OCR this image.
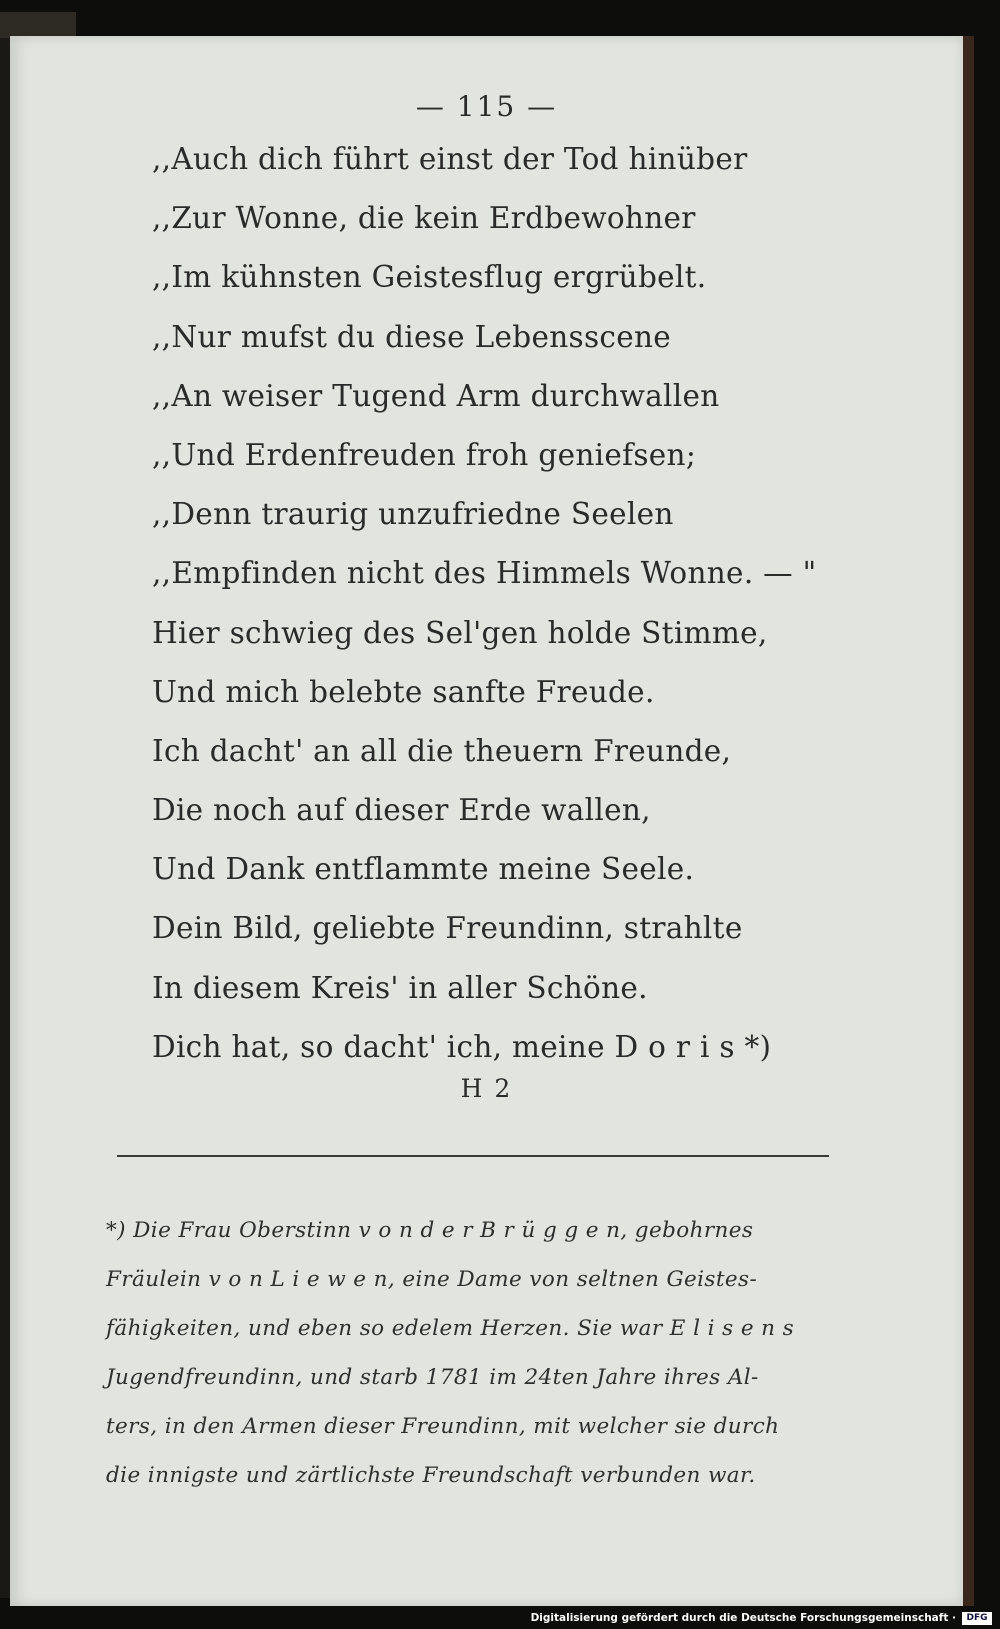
— 115 —
,,Auch dich führt einst der Tod hinüber
,,Zur Wonne, die kein Erdbewohner
,,Im kühnsten Geistesflug ergrübelt.
,,Nur mufst du diese Lebensscene
,,An weiser Tugend Arm durchwallen
,,Und Erdenfreuden froh geniefsen;
,,Denn traurig unzufriedne Seelen
,,Empfinden nicht des Himmels Wonne. — "
Hier schwieg des Sel'gen holde Stimme,
Und mich belebte sanfte Freude.
Ich dacht' an all die theuern Freunde,
Die noch auf dieser Erde wallen,
Und Dank entflammte meine Seele.
Dein Bild, geliebte Freundinn, strahlte
In diesem Kreis' in aller Schöne.
Dich hat, so dacht' ich, meine D o r i s *)
H 2
*) Die Frau Oberstinn v o n d e r B r ü g g e n, gebohrnes
Fräulein v o n L i e w e n, eine Dame von seltnen Geistes-
fähigkeiten, und eben so edelem Herzen. Sie war E l i s e n s
Jugendfreundinn, und starb 1781 im 24ten Jahre ihres Al-
ters, in den Armen dieser Freundinn, mit welcher sie durch
die innigste und zärtlichste Freundschaft verbunden war.
Digitalisierung gefördert durch die Deutsche Forschungsgemeinschaft ·	DFG
